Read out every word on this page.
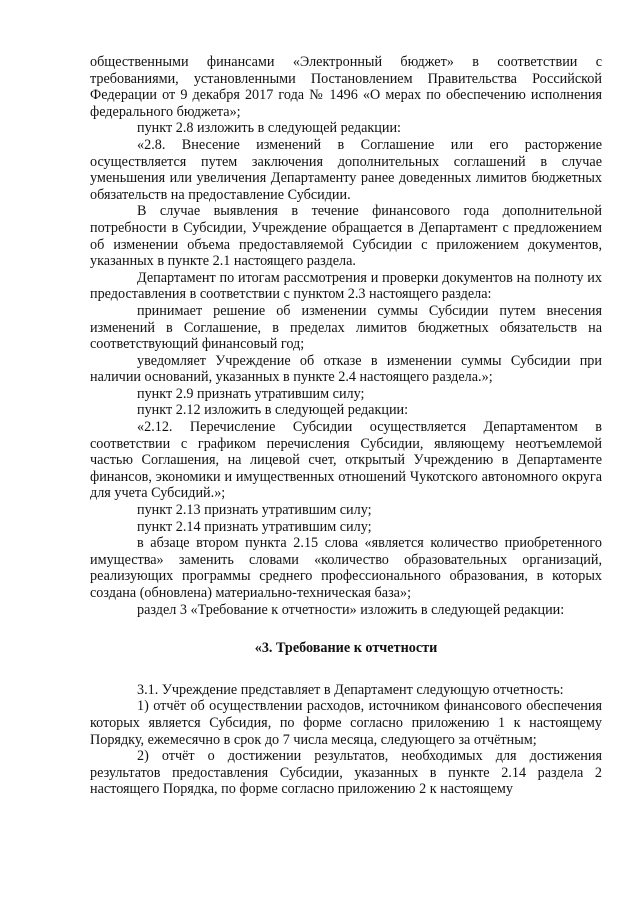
общественными финансами «Электронный бюджет» в соответствии с требованиями, установленными Постановлением Правительства Российской Федерации от 9 декабря 2017 года № 1496 «О мерах по обеспечению исполнения федерального бюджета»;

пункт 2.8 изложить в следующей редакции:

«2.8. Внесение изменений в Соглашение или его расторжение осуществляется путем заключения дополнительных соглашений в случае уменьшения или увеличения Департаменту ранее доведенных лимитов бюджетных обязательств на предоставление Субсидии.

В случае выявления в течение финансового года дополнительной потребности в Субсидии, Учреждение обращается в Департамент с предложением об изменении объема предоставляемой Субсидии с приложением документов, указанных в пункте 2.1 настоящего раздела.

Департамент по итогам рассмотрения и проверки документов на полноту их предоставления в соответствии с пунктом 2.3 настоящего раздела:

принимает решение об изменении суммы Субсидии путем внесения изменений в Соглашение, в пределах лимитов бюджетных обязательств на соответствующий финансовый год;

уведомляет Учреждение об отказе в изменении суммы Субсидии при наличии оснований, указанных в пункте 2.4 настоящего раздела.»;

пункт 2.9 признать утратившим силу;

пункт 2.12 изложить в следующей редакции:

«2.12. Перечисление Субсидии осуществляется Департаментом в соответствии с графиком перечисления Субсидии, являющему неотъемлемой частью Соглашения, на лицевой счет, открытый Учреждению в Департаменте финансов, экономики и имущественных отношений Чукотского автономного округа для учета Субсидий.»;

пункт 2.13 признать утратившим силу;

пункт 2.14 признать утратившим силу;

в абзаце втором пункта 2.15 слова «является количество приобретенного имущества» заменить словами «количество образовательных организаций, реализующих программы среднего профессионального образования, в которых создана (обновлена) материально-техническая база»;

раздел 3 «Требование к отчетности» изложить в следующей редакции:

«3. Требование к отчетности

3.1. Учреждение представляет в Департамент следующую отчетность:

1) отчёт об осуществлении расходов, источником финансового обеспечения которых является Субсидия, по форме согласно приложению 1 к настоящему Порядку, ежемесячно в срок до 7 числа месяца, следующего за отчётным;

2) отчёт о достижении результатов, необходимых для достижения результатов предоставления Субсидии, указанных в пункте 2.14 раздела 2 настоящего Порядка, по форме согласно приложению 2 к настоящему
